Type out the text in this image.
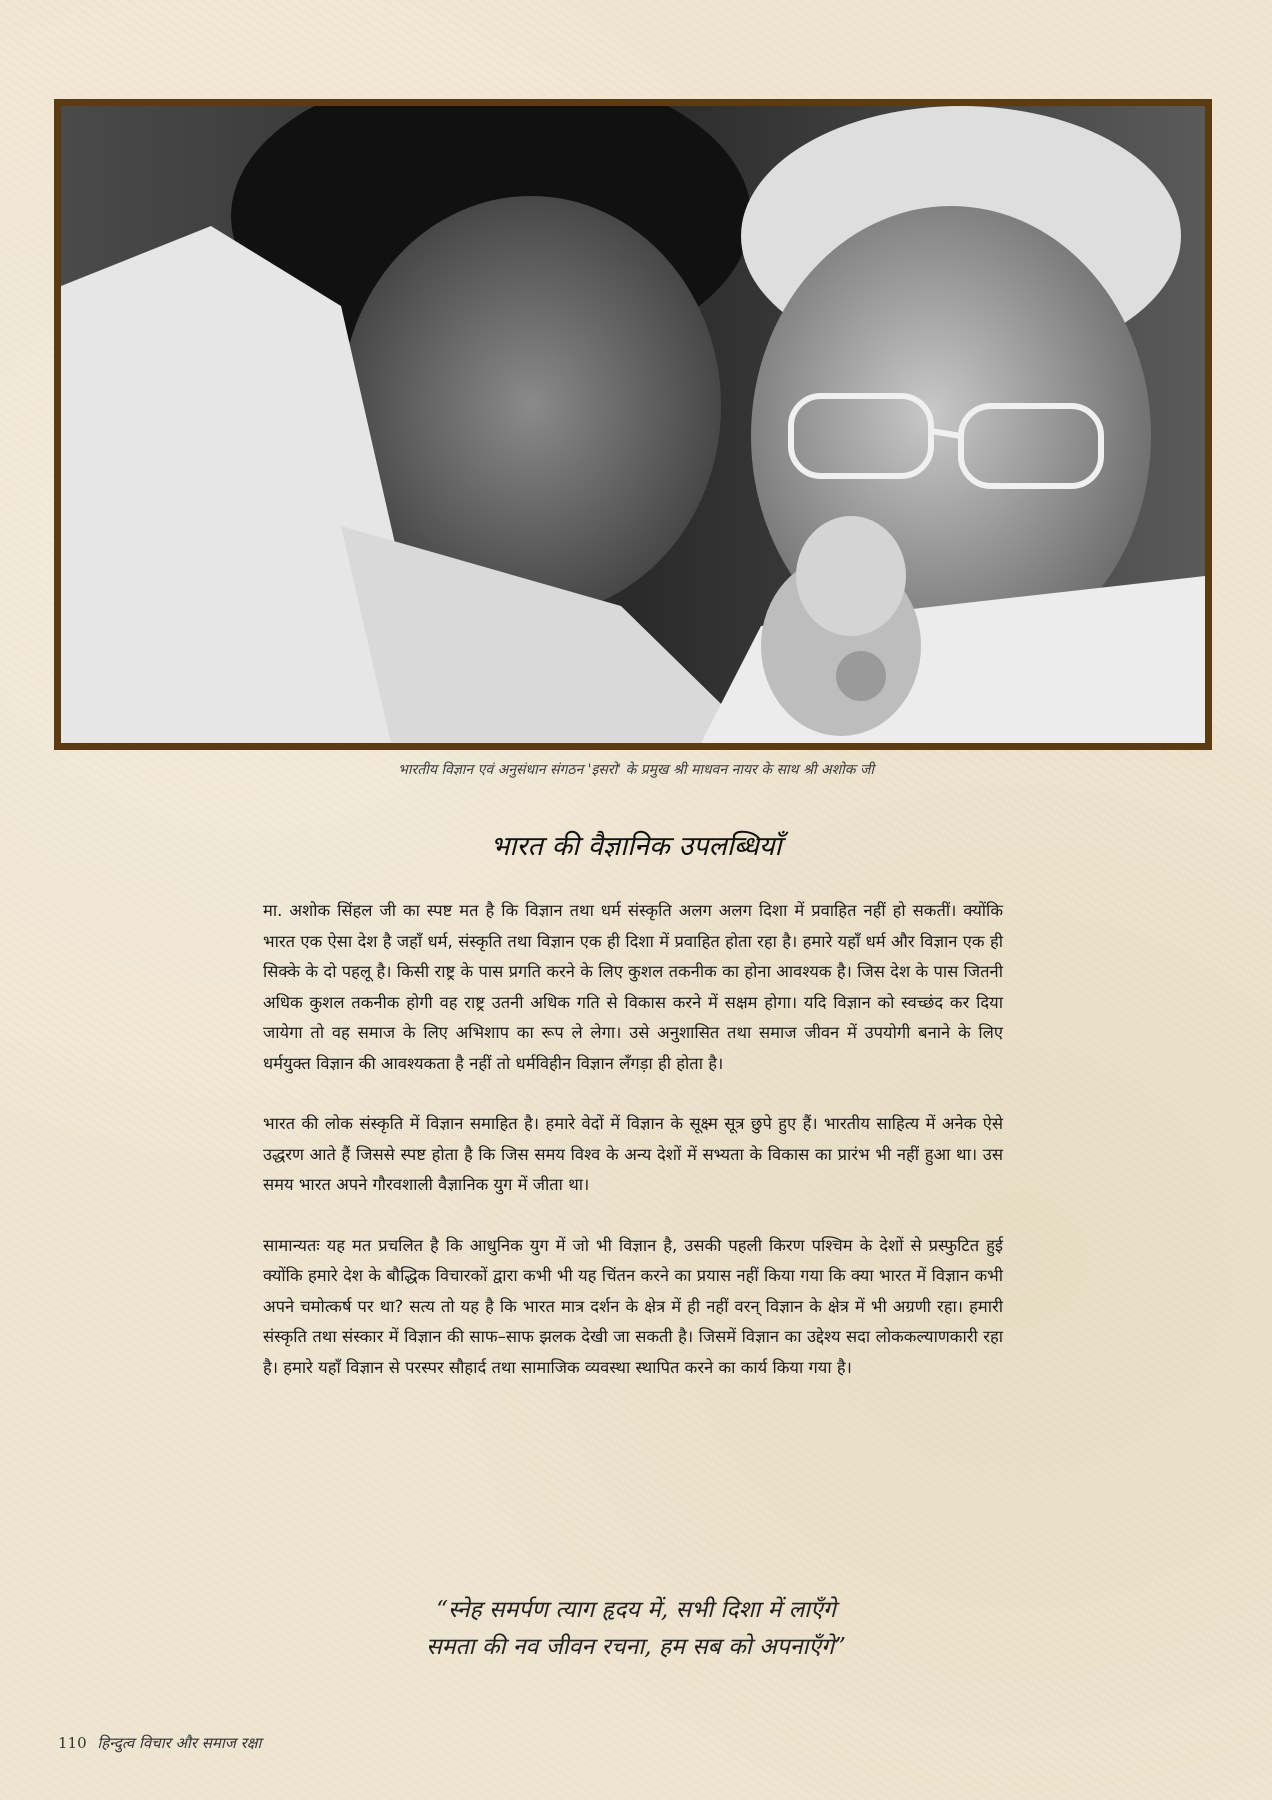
भारतीय विज्ञान एवं अनुसंधान संगठन 'इसरो' के प्रमुख श्री माधवन नायर के साथ श्री अशोक जी
भारत की वैज्ञानिक उपलब्धियाँ

मा. अशोक सिंहल जी का स्पष्ट मत है कि विज्ञान तथा धर्म संस्कृति अलग अलग दिशा में प्रवाहित नहीं हो सकतीं। क्योंकि भारत एक ऐसा देश है जहाँ धर्म, संस्कृति तथा विज्ञान एक ही दिशा में प्रवाहित होता रहा है। हमारे यहाँ धर्म और विज्ञान एक ही सिक्के के दो पहलू है। किसी राष्ट्र के पास प्रगति करने के लिए कुशल तकनीक का होना आवश्यक है। जिस देश के पास जितनी अधिक कुशल तकनीक होगी वह राष्ट्र उतनी अधिक गति से विकास करने में सक्षम होगा। यदि विज्ञान को स्वच्छंद कर दिया जायेगा तो वह समाज के लिए अभिशाप का रूप ले लेगा। उसे अनुशासित तथा समाज जीवन में उपयोगी बनाने के लिए धर्मयुक्त विज्ञान की आवश्यकता है नहीं तो धर्मविहीन विज्ञान लँगड़ा ही होता है।

भारत की लोक संस्कृति में विज्ञान समाहित है। हमारे वेदों में विज्ञान के सूक्ष्म सूत्र छुपे हुए हैं। भारतीय साहित्य में अनेक ऐसे उद्धरण आते हैं जिससे स्पष्ट होता है कि जिस समय विश्व के अन्य देशों में सभ्यता के विकास का प्रारंभ भी नहीं हुआ था। उस समय भारत अपने गौरवशाली वैज्ञानिक युग में जीता था।

सामान्यतः यह मत प्रचलित है कि आधुनिक युग में जो भी विज्ञान है, उसकी पहली किरण पश्चिम के देशों से प्रस्फुटित हुई क्योंकि हमारे देश के बौद्धिक विचारकों द्वारा कभी भी यह चिंतन करने का प्रयास नहीं किया गया कि क्या भारत में विज्ञान कभी अपने चमोत्कर्ष पर था? सत्य तो यह है कि भारत मात्र दर्शन के क्षेत्र में ही नहीं वरन् विज्ञान के क्षेत्र में भी अग्रणी रहा। हमारी संस्कृति तथा संस्कार में विज्ञान की साफ–साफ झलक देखी जा सकती है। जिसमें विज्ञान का उद्देश्य सदा लोककल्याणकारी रहा है। हमारे यहाँ विज्ञान से परस्पर सौहार्द तथा सामाजिक व्यवस्था स्थापित करने का कार्य किया गया है।

“स्नेह समर्पण त्याग हृदय में, सभी दिशा में लाएँगे
समता की नव जीवन रचना, हम सब को अपनाएँगे”
110 हिन्दुत्व विचार और समाज रक्षा
